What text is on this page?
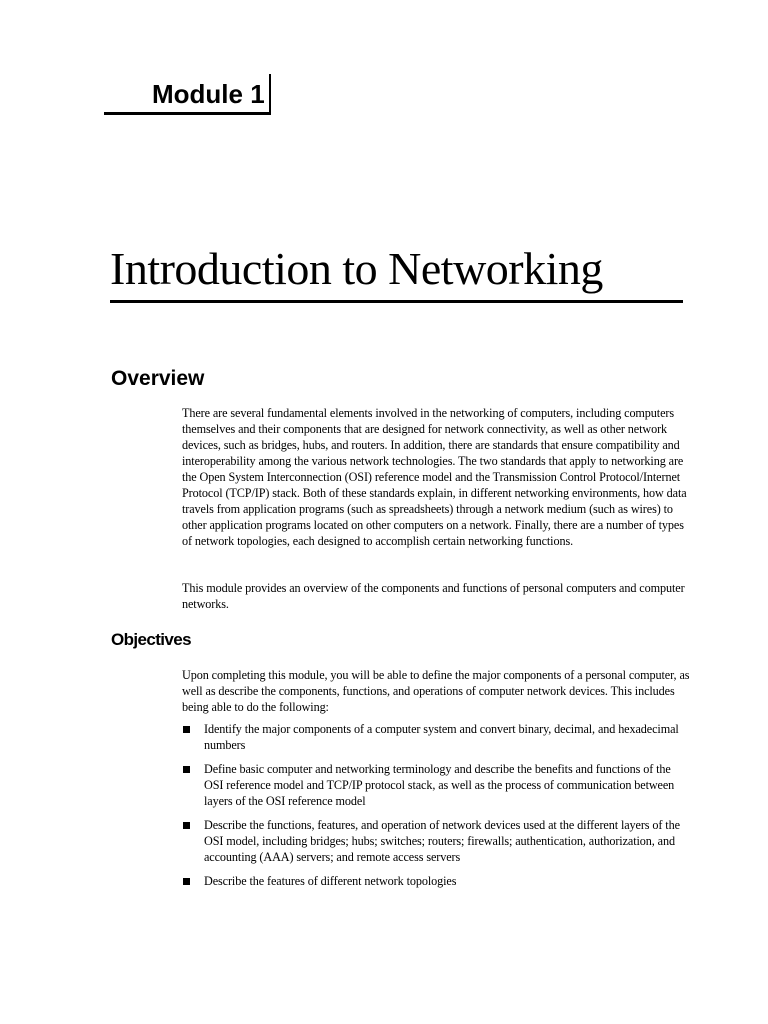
Module 1
Introduction to Networking
Overview

There are several fundamental elements involved in the networking of computers, including computers themselves and their components that are designed for network connectivity, as well as other network devices, such as bridges, hubs, and routers. In addition, there are standards that ensure compatibility and interoperability among the various network technologies. The two standards that apply to networking are the Open System Interconnection (OSI) reference model and the Transmission Control Protocol/Internet Protocol (TCP/IP) stack. Both of these standards explain, in different networking environments, how data travels from application programs (such as spreadsheets) through a network medium (such as wires) to other application programs located on other computers on a network. Finally, there are a number of types of network topologies, each designed to accomplish certain networking functions.

This module provides an overview of the components and functions of personal computers and computer networks.

Objectives

Upon completing this module, you will be able to define the major components of a personal computer, as well as describe the components, functions, and operations of computer network devices. This includes being able to do the following:

Identify the major components of a computer system and convert binary, decimal, and hexadecimal numbers
Define basic computer and networking terminology and describe the benefits and functions of the OSI reference model and TCP/IP protocol stack, as well as the process of communication between layers of the OSI reference model
Describe the functions, features, and operation of network devices used at the different layers of the OSI model, including bridges; hubs; switches; routers; firewalls; authentication, authorization, and accounting (AAA) servers; and remote access servers
Describe the features of different network topologies
